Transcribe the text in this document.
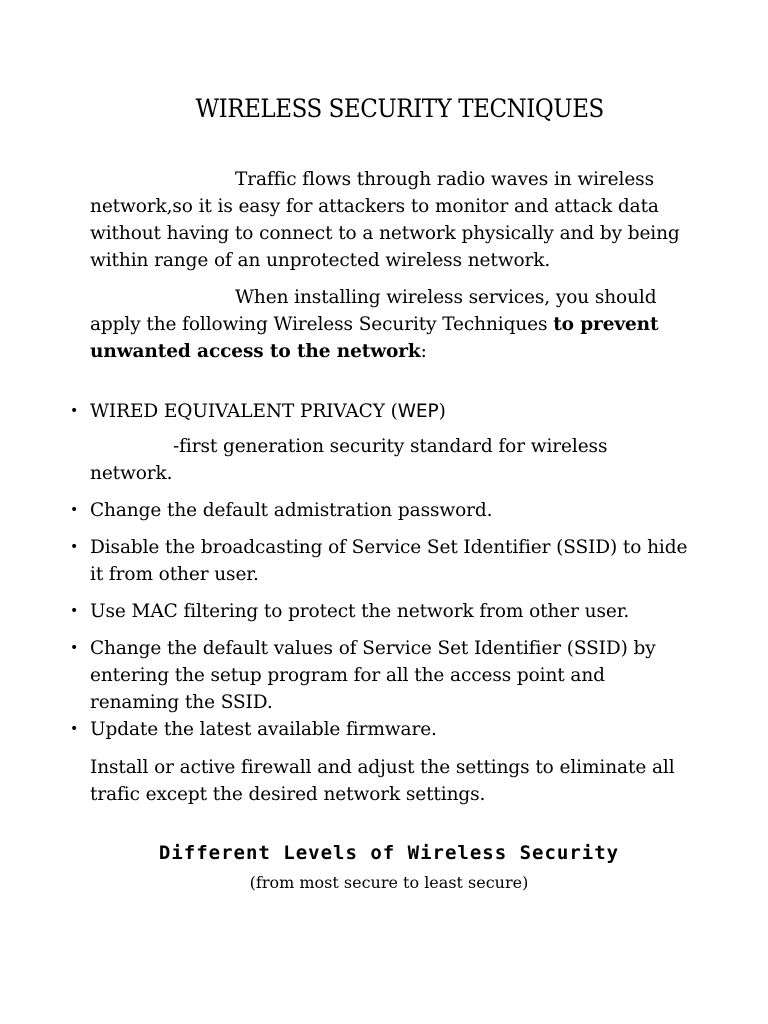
WIRELESS SECURITY TECNIQUES
Traffic flows through radio waves in wireless network,so it is easy for attackers to monitor and attack data without having to connect to a network physically and by being within range of an unprotected wireless network.
When installing wireless services, you should apply the following Wireless Security Techniques to prevent unwanted access to the network:
• WIRED EQUIVALENT PRIVACY (WEP)
-first generation security standard for wireless network.
• Change the default admistration password.
• Disable the broadcasting of Service Set Identifier (SSID) to hide it from other user.
• Use MAC filtering to protect the network from other user.
• Change the default values of Service Set Identifier (SSID) by entering the setup program for all the access point and renaming the SSID.
• Update the latest available firmware.
Install or active firewall and adjust the settings to eliminate all trafic except the desired network settings.
Different Levels of Wireless Security
(from most secure to least secure)
